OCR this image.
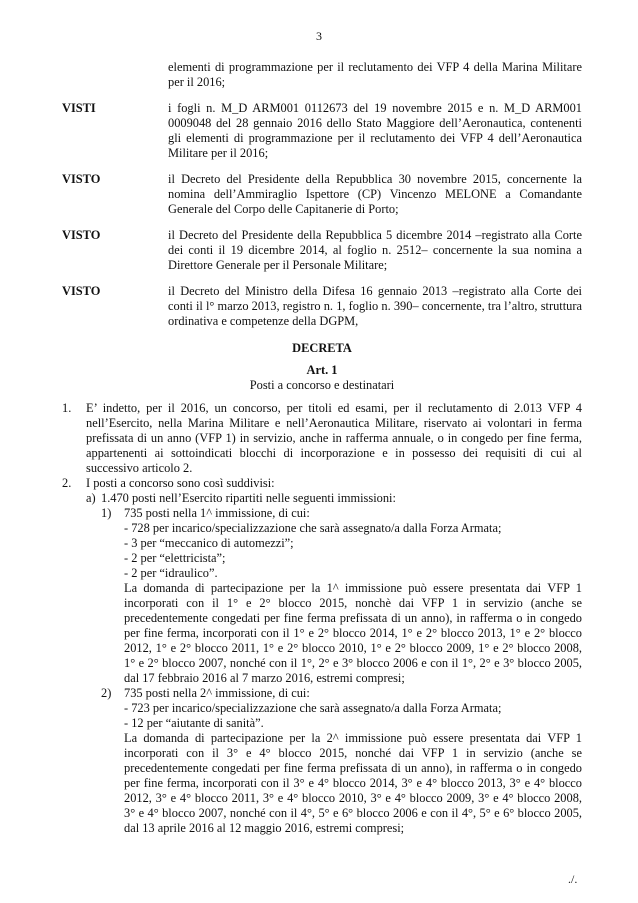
3
elementi di programmazione per il reclutamento dei VFP 4 della Marina Militare per il 2016;
VISTI	i fogli n. M_D ARM001 0112673 del 19 novembre 2015 e n. M_D ARM001 0009048 del 28 gennaio 2016 dello Stato Maggiore dell’Aeronautica, contenenti gli elementi di programmazione per il reclutamento dei VFP 4 dell’Aeronautica Militare per il 2016;
VISTO	il Decreto del Presidente della Repubblica 30 novembre 2015, concernente la nomina dell’Ammiraglio Ispettore (CP) Vincenzo MELONE a Comandante Generale del Corpo delle Capitanerie di Porto;
VISTO	il Decreto del Presidente della Repubblica 5 dicembre 2014 –registrato alla Corte dei conti il 19 dicembre 2014, al foglio n. 2512– concernente la sua nomina a Direttore Generale per il Personale Militare;
VISTO	il Decreto del Ministro della Difesa 16 gennaio 2013 –registrato alla Corte dei conti il l° marzo 2013, registro n. 1, foglio n. 390– concernente, tra l’altro, struttura ordinativa e competenze della DGPM,
DECRETA
Art. 1
Posti a concorso e destinatari
1.	E’ indetto, per il 2016, un concorso, per titoli ed esami, per il reclutamento di 2.013 VFP 4 nell’Esercito, nella Marina Militare e nell’Aeronautica Militare, riservato ai volontari in ferma prefissata di un anno (VFP 1) in servizio, anche in rafferma annuale, o in congedo per fine ferma, appartenenti ai sottoindicati blocchi di incorporazione e in possesso dei requisiti di cui al successivo articolo 2.
2.	I posti a concorso sono così suddivisi:
a) 1.470 posti nell’Esercito ripartiti nelle seguenti immissioni:
1)	735 posti nella 1^ immissione, di cui:
- 728 per incarico/specializzazione che sarà assegnato/a dalla Forza Armata;
- 3 per “meccanico di automezzi”;
- 2 per “elettricista”;
- 2 per “idraulico”.
La domanda di partecipazione per la 1^ immissione può essere presentata dai VFP 1 incorporati con il 1° e 2° blocco 2015, nonchè dai VFP 1 in servizio (anche se precedentemente congedati per fine ferma prefissata di un anno), in rafferma o in congedo per fine ferma, incorporati con il 1° e 2° blocco 2014, 1° e 2° blocco 2013, 1° e 2° blocco 2012, 1° e 2° blocco 2011, 1° e 2° blocco 2010, 1° e 2° blocco 2009, 1° e 2° blocco 2008, 1° e 2° blocco 2007, nonché con il 1°, 2° e 3° blocco 2006 e con il 1°, 2° e 3° blocco 2005, dal 17 febbraio 2016 al 7 marzo 2016, estremi compresi;
2)	735 posti nella 2^ immissione, di cui:
- 723 per incarico/specializzazione che sarà assegnato/a dalla Forza Armata;
- 12 per “aiutante di sanità”.
La domanda di partecipazione per la 2^ immissione può essere presentata dai VFP 1 incorporati con il 3° e 4° blocco 2015, nonché dai VFP 1 in servizio (anche se precedentemente congedati per fine ferma prefissata di un anno), in rafferma o in congedo per fine ferma, incorporati con il 3° e 4° blocco 2014, 3° e 4° blocco 2013, 3° e 4° blocco 2012, 3° e 4° blocco 2011, 3° e 4° blocco 2010, 3° e 4° blocco 2009, 3° e 4° blocco 2008, 3° e 4° blocco 2007, nonché con il 4°, 5° e 6° blocco 2006 e con il 4°, 5° e 6° blocco 2005, dal 13 aprile 2016 al 12 maggio 2016, estremi compresi;
./.
